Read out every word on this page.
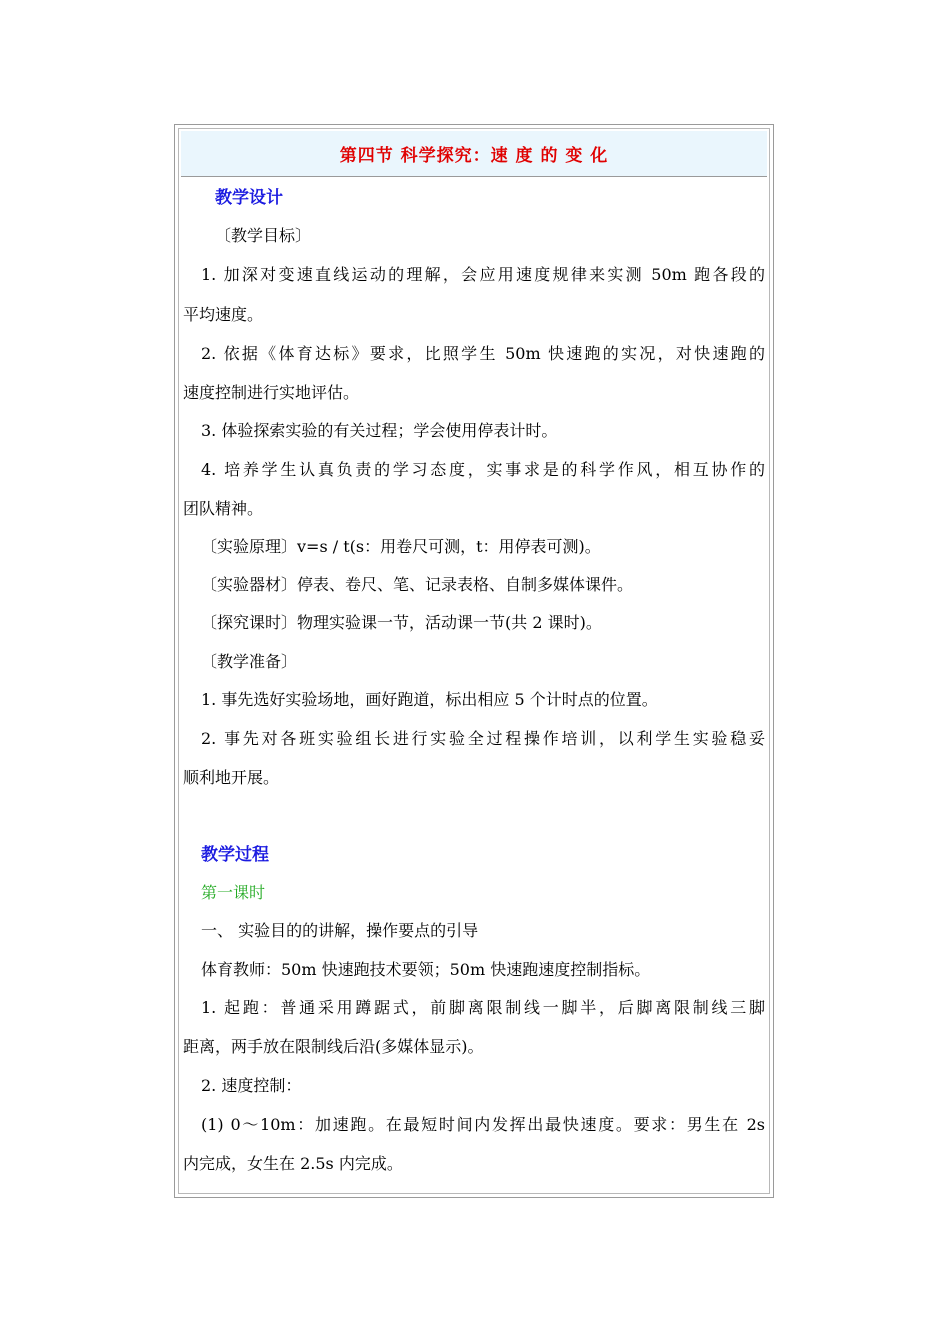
第四节 科学探究：速 度 的 变 化
教学设计
〔教学目标〕
1. 加深对变速直线运动的理解，会应用速度规律来实测 50m 跑各段的
平均速度。
2. 依据《体育达标》要求，比照学生 50m 快速跑的实况，对快速跑的
速度控制进行实地评估。
3. 体验探索实验的有关过程；学会使用停表计时。
4. 培养学生认真负责的学习态度，实事求是的科学作风，相互协作的
团队精神。
〔实验原理〕v=s / t(s：用卷尺可测，t：用停表可测)。
〔实验器材〕停表、卷尺、笔、记录表格、自制多媒体课件。
〔探究课时〕物理实验课一节，活动课一节(共 2 课时)。
〔教学准备〕
1. 事先选好实验场地，画好跑道，标出相应 5 个计时点的位置。
2. 事先对各班实验组长进行实验全过程操作培训，以利学生实验稳妥
顺利地开展。
教学过程
第一课时
一、 实验目的的讲解，操作要点的引导
体育教师：50m 快速跑技术要领；50m 快速跑速度控制指标。
1. 起跑：普通采用蹲踞式，前脚离限制线一脚半，后脚离限制线三脚
距离，两手放在限制线后沿(多媒体显示)。
2. 速度控制：
(1) 0～10m：加速跑。在最短时间内发挥出最快速度。要求：男生在 2s
内完成，女生在 2.5s 内完成。
